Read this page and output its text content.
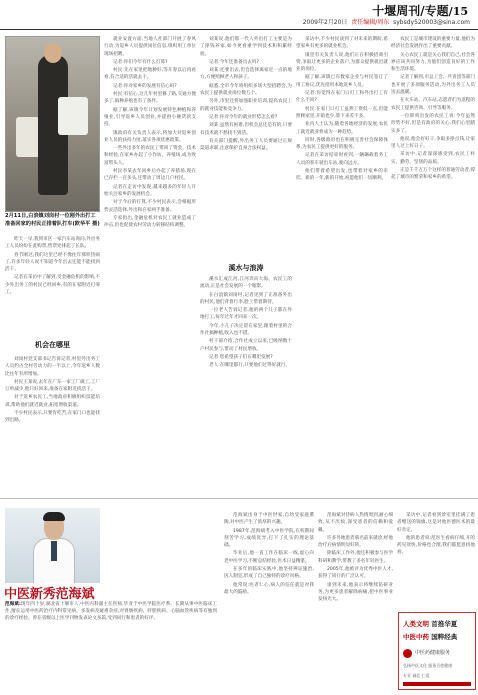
十堰周刊/专题/15
2009年2月20日 责任编辑/周东 sybsdy520003@sina.com
2月11日,白浪镇刘岗村一位刚外出打工准备回家的村民正排着队打车(欧华平 摄)

昨天一早,我到市区一家汽车站询问,外出务工人员纷纷在此购票,售票处排起了长队。

春节刚过,我们这里已经不像往年那样热闹了,许多年轻人说不知道今年出去还能不能找到活干。

记者在采访中了解到,受金融危机的影响,不少外出务工的村民已经回乡,有的在家附近打零工。

机会在哪里

刘岗村党支部书记告诉记者,村里外出务工人员约占全村劳动力的一半以上,今年返乡人数比往年有所增加。

村民王某说,去年在广东一家工厂做工,工厂订单减少,他只好回来,准备在家附近找活干。

对于返乡农民工,当地政府积极组织技能培训,帮助他们就近就业,拓宽增收渠道。

不少村民表示,只要肯吃苦,在家门口也能找到出路。

就业安置方面,当地人社部门开展了春风行动,为返乡人员提供岗位信息,组织用工单位现场招聘。

记者:你们今年有什么打算?

村民:先在家里把地种好,等开春以后再看看,有合适的活就去干。

记者:你对家乡的发展有信心吗?

村民:有信心,这几年村里修了路,交通方便多了,搞种养殖也有了条件。

据了解,该镇今年计划发展特色种植和养殖业,引导返乡人员创业,并提供小额贷款支持。

镇政府有关负责人表示,将加大对返乡创业人员的扶持力度,落实各项优惠政策。

一些外出多年的农民工带回了资金、技术和经验,在家乡办起了小作坊、养殖场,成为致富带头人。

村民李某去年回乡后办起了养猪场,现在已存栏一百多头,还带动了周边几户村民。

记者在走访中发现,越来越多的年轻人开始关注家乡的发展机会。

对于今后的打算,不少村民表示,会根据形势灵活选择,外出和在家两手准备。

专家指出,金融危机对农民工就业造成了冲击,但也促使农村劳动力转移结构调整。

刘某说,他们那一代人外出打工主要是为了挣钱养家,如今更看重学到技术和积累经验。

记者:今年还准备出去吗?

刘某:还要出去,但会选择离家近一点的地方,方便照顾老人和孩子。

据悉,全市今年将组织多场大型招聘会,为农民工提供就业岗位数万个。

另外,市里还将加强职业培训,提高农民工的就业技能和竞争力。

记者:你对今年的就业形势怎么看?

刘某:虽然有困难,但机会总还是有的,只要有技术就不愁找不到活。

有关部门提醒,外出务工人员要通过正规渠道求职,注意保护自身合法权益。

溪水与浪涛

溪水汇成江河,江河奔向大海。农民工的流动,正是社会发展的一个缩影。

在白浪镇刘岗村,记者见到了正准备外出的村民,他们背着行李,脸上带着期待。

一位老人告诉记者,他的两个儿子都在外地打工,每年过年才回来一次。

今年,小儿子决定留在家里,跟着村里的合作社搞种植,收入也不错。

村干部介绍,合作社成立以来,已吸纳数十户村民参与,带动了村民增收。

记者:您希望孩子们在哪里发展?

老人:在哪里都行,只要他们过得好就行。

采访中,不少村民谈到了对未来的期盼,希望家乡有更多的就业机会。

镇里有关负责人说,他们正在积极招商引资,争取让更多的企业落户,为群众提供就近就业的岗位。

据了解,该镇已有数家企业与村民签订了用工协议,优先招用本地返乡人员。

记者:你觉得在家门口打工和外出打工有什么不同?

村民:在家门口打工虽然工资低一点,但能照顾家里,开销也少,算下来差不多。

业内人士认为,随着各地经济的发展,农民工就近就业将成为一种趋势。

同时,各级政府也在积极完善社会保障体系,为农民工提供更好的服务。

记者在采访结束时看到,一辆辆载着务工人员的客车驶出车站,驶向远方。

他们带着希望出发,也带着对家乡的牵挂。新的一年,新的开始,祝愿他们一切顺利。

农民工是城市建设的重要力量,他们为经济社会发展作出了重要贡献。

关心农民工就是关心我们自己,社会各界应该共同努力,为他们创造良好的工作和生活环境。

记者了解到,市总工会、共青团等部门也开展了多项服务活动,为外出务工人员送去温暖。

在火车站、汽车站,志愿者们为返程的农民工提供咨询、引导等服务。

一位即将出发的农民工说:今年虽然形势不好,但是有政府的关心,我们心里踏实多了。

他说,他会好好干,争取多挣点钱,让家里人过上好日子。

采访中,记者深深感受到,农民工朴实、勤劳、坚韧的品质。

正是千千万万个这样的普通劳动者,撑起了城市的繁荣和家乡的希望。

中医新秀范海斌
范海斌:现年四十岁,湖北省十堰市人,中医内科副主任医师,毕业于中医学院医疗系。长期从事中医临床工作,擅长运用中医药治疗内科常见病、多发病及疑难杂症,对胃肠疾病、肝胆疾病、心脑血管疾病等有独到的诊疗经验。曾在省级以上医学刊物发表论文多篇,受到同行和患者的好评。

范海斌出身于中医世家,自幼受家庭熏陶,对中医产生了浓厚的兴趣。

1987年,范海斌考入中医学院,在校期间刻苦学习,成绩优异,打下了扎实的理论基础。

毕业后,他一直工作在临床一线,虚心向老中医学习,不断总结经验,医术日益精湛。

在多年的临床实践中,他坚持辨证施治,因人制宜,形成了自己独特的诊疗风格。

他常说:医者仁心,病人的信任就是对我最大的鼓励。

范海斌对待病人热情周到,耐心细致,从不厌烦,深受患者的信赖和爱戴。

许多外地患者慕名前来就诊,经他治疗后病情明显好转。

除临床工作外,他还积极参与医学科研和教学,带教了多名年轻医生。

2005年,他被评为优秀中医人才,获得了同行的广泛认可。

谈到未来,他表示将继续钻研业务,为更多患者解除病痛,把中医事业发扬光大。

采访中,记者看到诊室里挂满了患者赠送的锦旗,这是对他医德医术的最好肯定。

他的患者说:范医生看病仔细,开的药见效快,价格也合理,我们都愿意找他看。

人类文明 首推华夏
中医中药 国粹经典
中医药健康服务
弘扬中医文化 服务百姓健康
专业 诚信 仁爱
